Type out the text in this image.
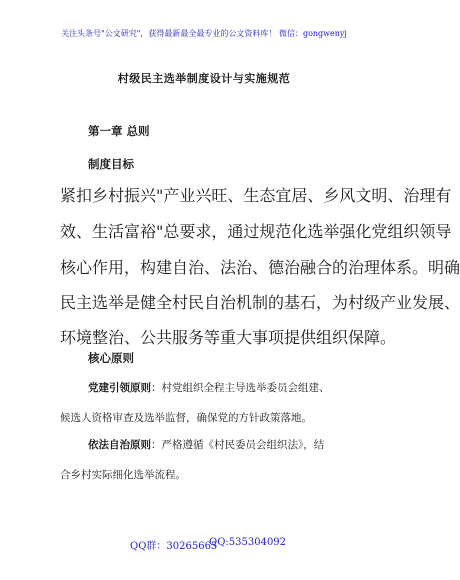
关注头条号"公文研究"，获得最新最全最专业的公文资料库！ 微信：gongwenyj
村级民主选举制度设计与实施规范
第一章 总则
制度目标
紧扣乡村振兴"产业兴旺、生态宜居、乡风文明、治理有
效、生活富裕"总要求，通过规范化选举强化党组织领导
核心作用，构建自治、法治、德治融合的治理体系。明确
民主选举是健全村民自治机制的基石，为村级产业发展、
环境整治、公共服务等重大事项提供组织保障。
核心原则
党建引领原则：村党组织全程主导选举委员会组建、
候选人资格审查及选举监督，确保党的方针政策落地。
依法自治原则：严格遵循《村民委员会组织法》，结
合乡村实际细化选举流程。
QQ群：30265665
QQ:535304092
